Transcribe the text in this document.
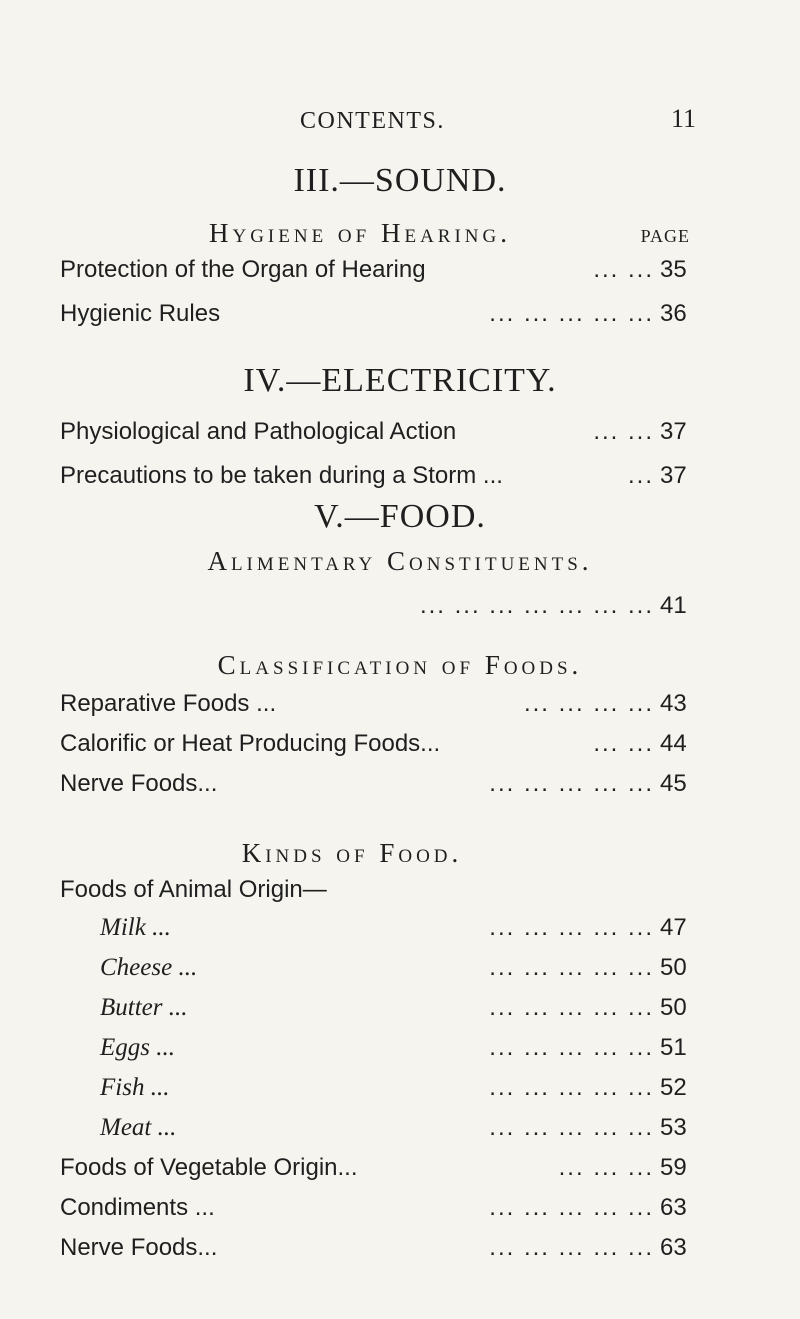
CONTENTS.	11
III.—SOUND.
Hygiene of Hearing.	PAGE
Protection of the Organ of Hearing	... ... 35
Hygienic Rules	... ... ... ... ... 36
IV.—ELECTRICITY.
Physiological and Pathological Action	... ... 37
Precautions to be taken during a Storm ...	... 37
V.—FOOD.
Alimentary Constituents.
... ... ... ... ... ... ... 41
Classification of Foods.
Reparative Foods ...	... ... ... ... 43
Calorific or Heat Producing Foods...	... ... 44
Nerve Foods...	... ... ... ... ... 45
Kinds of Food.
Foods of Animal Origin—
Milk ...	... ... ... ... ... 47
Cheese ...	... ... ... ... ... 50
Butter ...	... ... ... ... ... 50
Eggs ...	... ... ... ... ... 51
Fish ...	... ... ... ... ... 52
Meat ...	... ... ... ... ... 53
Foods of Vegetable Origin...	... ... ... 59
Condiments ...	... ... ... ... ... 63
Nerve Foods...	... ... ... ... ... 63
